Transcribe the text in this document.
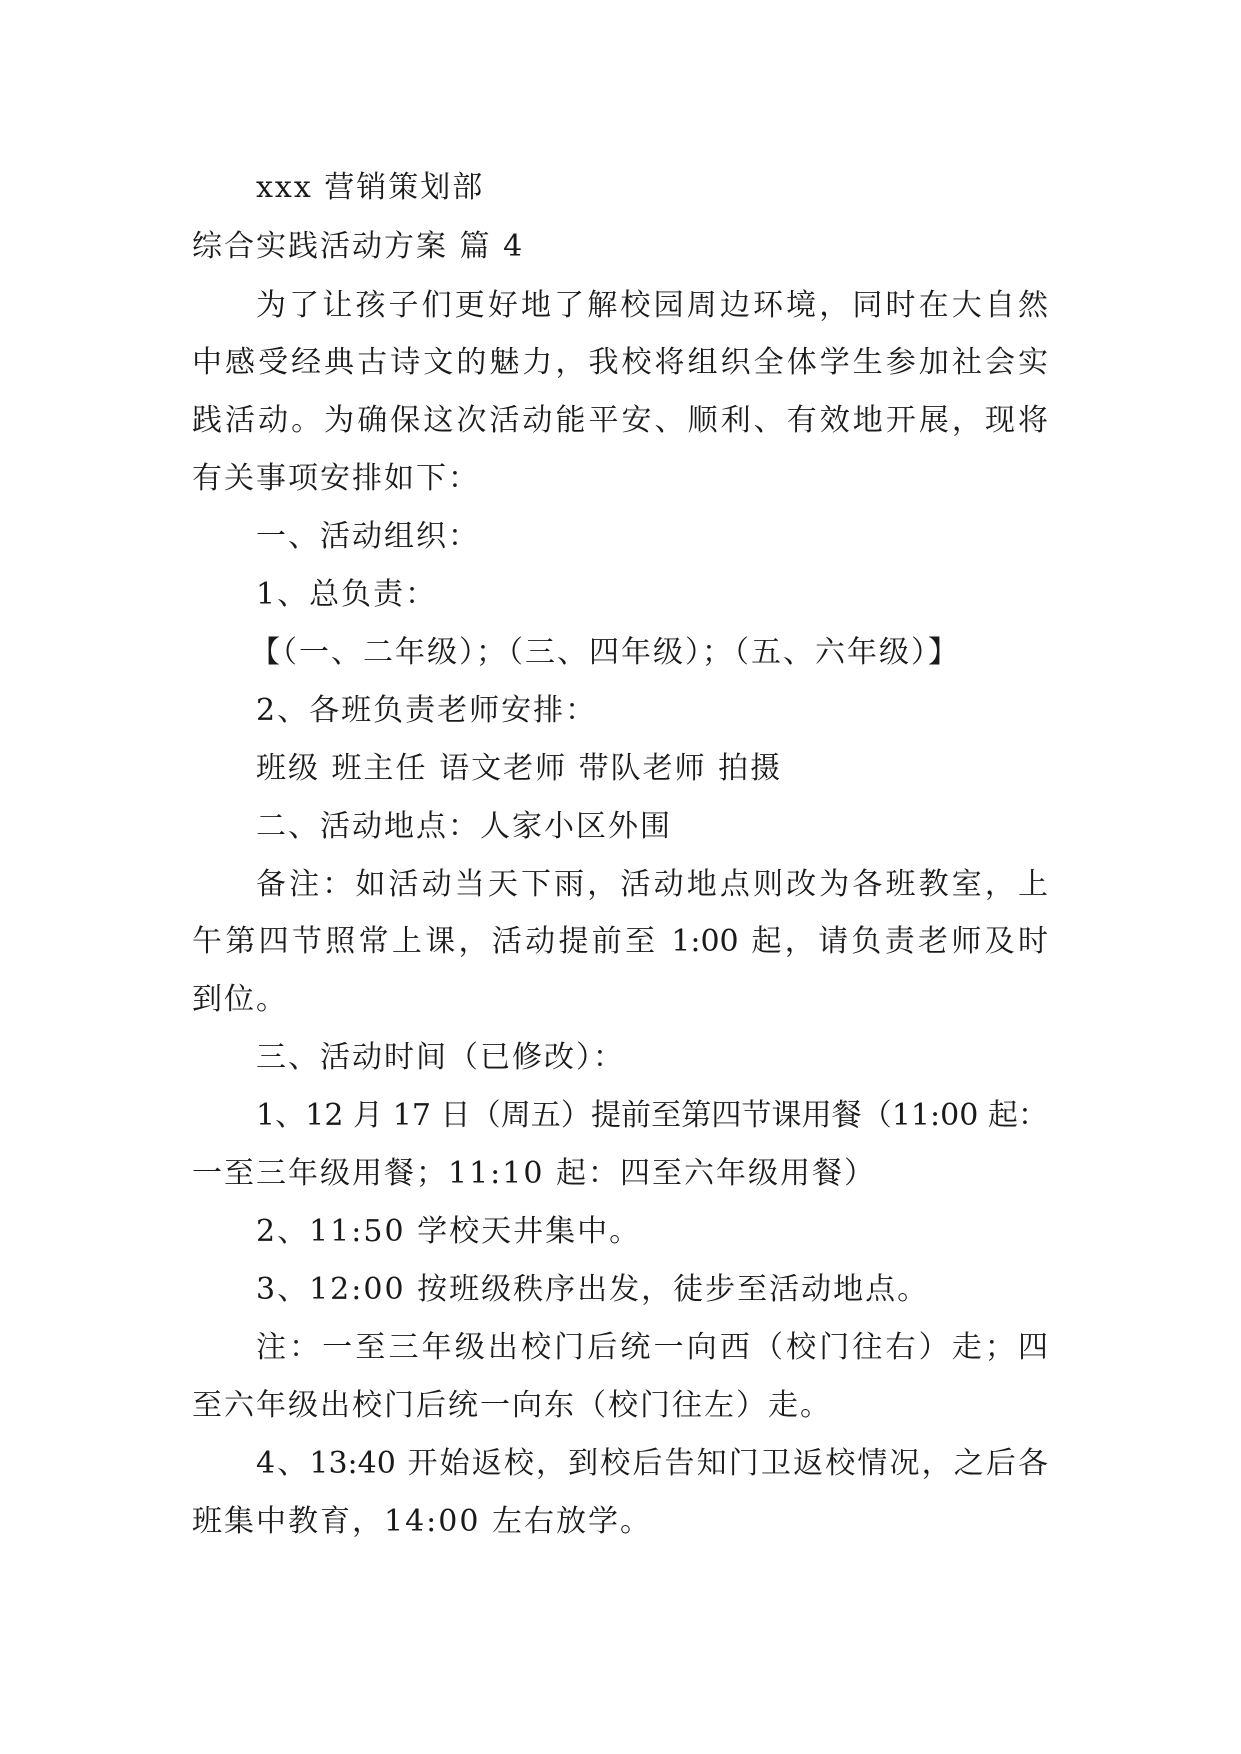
xxx 营销策划部

综合实践活动方案 篇 4

为了让孩子们更好地了解校园周边环境，同时在大自然

中感受经典古诗文的魅力，我校将组织全体学生参加社会实

践活动。为确保这次活动能平安、顺利、有效地开展，现将

有关事项安排如下：

一、活动组织：

1、总负责：

【（一、二年级）；（三、四年级）；（五、六年级）】

2、各班负责老师安排：

班级 班主任 语文老师 带队老师 拍摄

二、活动地点：人家小区外围

备注：如活动当天下雨，活动地点则改为各班教室，上

午第四节照常上课，活动提前至 1:00 起，请负责老师及时

到位。

三、活动时间（已修改）：

1、12 月 17 日（周五）提前至第四节课用餐（11:00 起：

一至三年级用餐；11:10 起：四至六年级用餐）

2、11:50 学校天井集中。

3、12:00 按班级秩序出发，徒步至活动地点。

注：一至三年级出校门后统一向西（校门往右）走；四

至六年级出校门后统一向东（校门往左）走。

4、13:40 开始返校，到校后告知门卫返校情况，之后各

班集中教育，14:00 左右放学。
